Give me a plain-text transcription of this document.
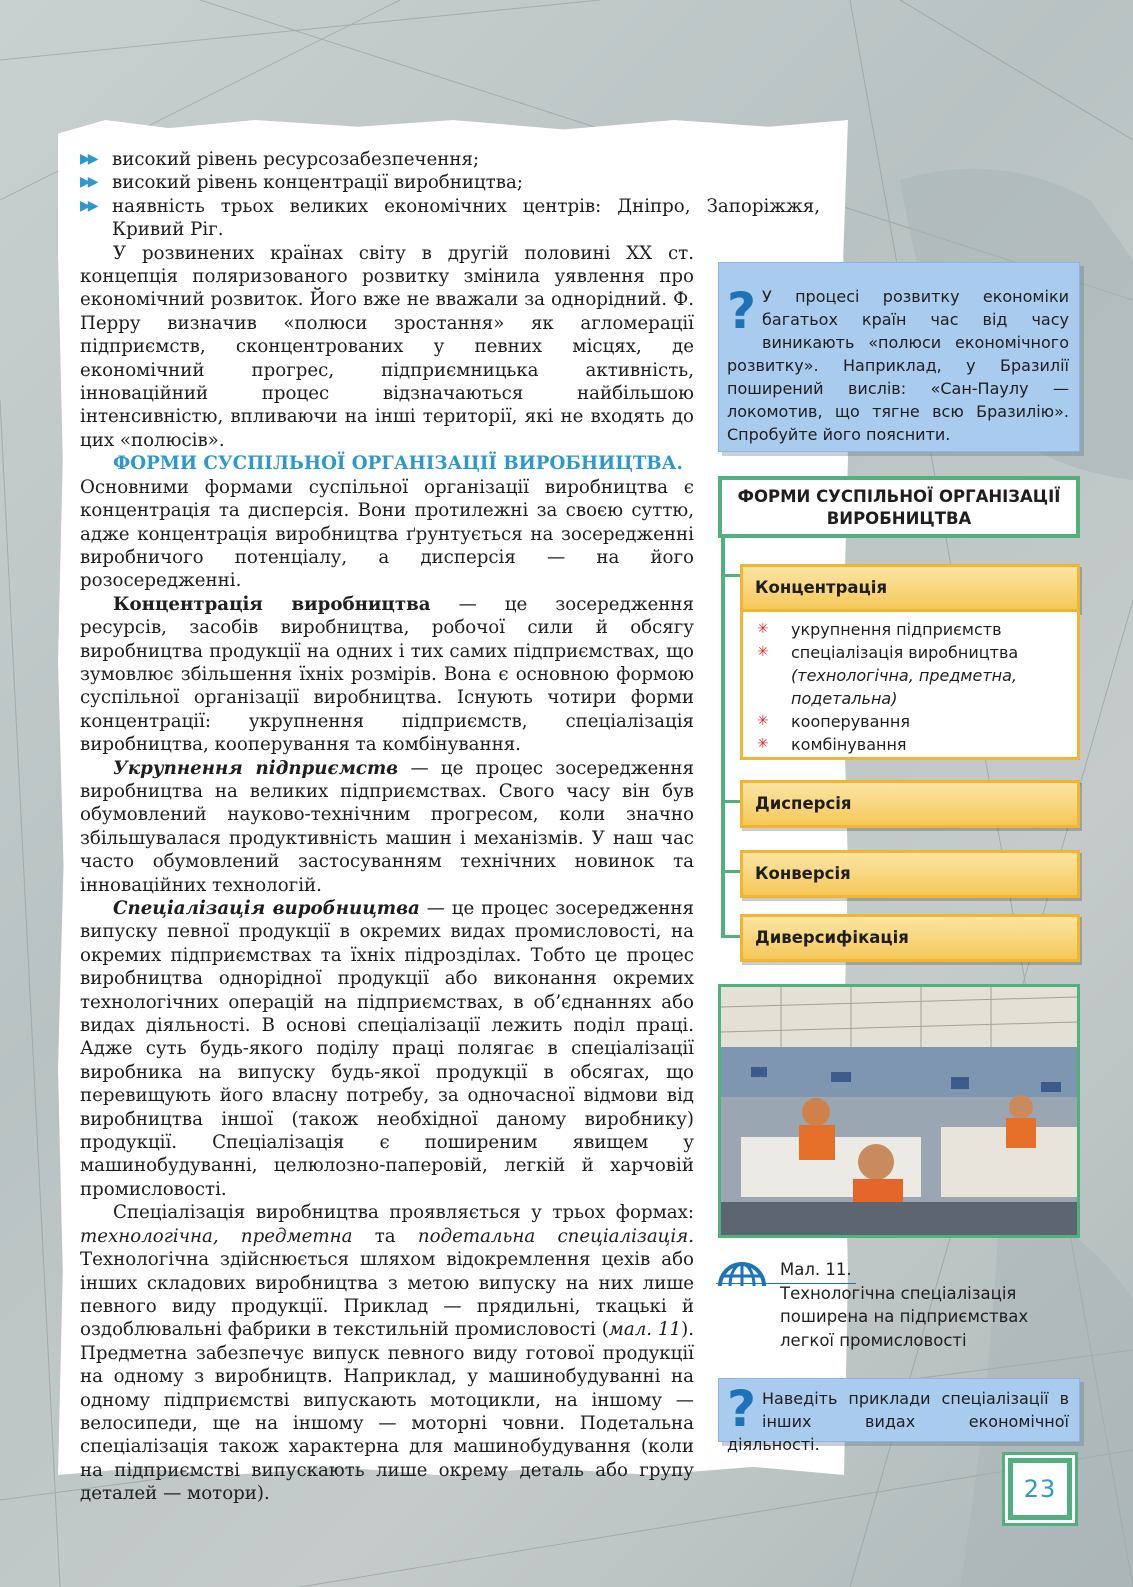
▶▶ високий рівень ресурсозабезпечення;
▶▶ високий рівень концентрації виробництва;
▶▶ наявність трьох великих економічних центрів: Дніпро, Запоріжжя, Кривий Ріг.

У розвинених країнах світу в другій половині XX ст. концепція поляризованого розвитку змінила уявлення про економічний розвиток. Його вже не вважали за однорідний. Ф. Перру визначив «полюси зростання» як агломерації підприємств, сконцентрованих у певних місцях, де економічний прогрес, підприємницька активність, інноваційний процес відзначаються найбільшою інтенсивністю, впливаючи на інші території, які не входять до цих «полюсів».

ФОРМИ СУСПІЛЬНОЇ ОРГАНІЗАЦІЇ ВИРОБНИЦТВА.

Основними формами суспільної організації виробництва є концентрація та дисперсія. Вони протилежні за своєю суттю, адже концентрація виробництва ґрунтується на зосередженні виробничого потенціалу, а дисперсія — на його розосередженні.

Концентрація виробництва — це зосередження ресурсів, засобів виробництва, робочої сили й обсягу виробництва продукції на одних і тих самих підприємствах, що зумовлює збільшення їхніх розмірів. Вона є основною формою суспільної організації виробництва. Існують чотири форми концентрації: укрупнення підприємств, спеціалізація виробництва, кооперування та комбінування.

Укрупнення підприємств — це процес зосередження виробництва на великих підприємствах. Свого часу він був обумовлений науково-технічним прогресом, коли значно збільшувалася продуктивність машин і механізмів. У наш час часто обумовлений застосуванням технічних новинок та інноваційних технологій.

Спеціалізація виробництва — це процес зосередження випуску певної продукції в окремих видах промисловості, на окремих підприємствах та їхніх підрозділах. Тобто це процес виробництва однорідної продукції або виконання окремих технологічних операцій на підприємствах, в об’єднаннях або видах діяльності. В основі спеціалізації лежить поділ праці. Адже суть будь-якого поділу праці полягає в спеціалізації виробника на випуску будь-якої продукції в обсягах, що перевищують його власну потребу, за одночасної відмови від виробництва іншої (також необхідної даному виробнику) продукції. Спеціалізація є поширеним явищем у машинобудуванні, целюлозно-паперовій, легкій й харчовій промисловості.

Спеціалізація виробництва проявляється у трьох формах: технологічна, предметна та подетальна спеціалізація. Технологічна здійснюється шляхом відокремлення цехів або інших складових виробництва з метою випуску на них лише певного виду продукції. Приклад — прядильні, ткацькі й оздоблювальні фабрики в текстильній промисловості (мал. 11). Предметна забезпечує випуск певного виду готової продукції на одному з виробництв. Наприклад, у машинобудуванні на одному підприємстві випускають мотоцикли, на іншому — велосипеди, ще на іншому — моторні човни. Подетальна спеціалізація також характерна для машинобудування (коли на підприємстві випускають лише окрему деталь або групу деталей — мотори).

? У процесі розвитку економіки багатьох країн час від часу виникають «полюси економічного розвитку». Наприклад, у Бразилії поширений вислів: «Сан-Паулу — локомотив, що тягне всю Бразилію». Спробуйте його пояснити.
ФОРМИ СУСПІЛЬНОЇ ОРГАНІЗАЦІЇ ВИРОБНИЦТВА
Концентрація
✳	укрупнення підприємств
✳	спеціалізація виробництва
(технологічна, предметна, подетальна)
✳	кооперування
✳	комбінування
Дисперсія
Конверсія
Диверсифікація
Мал. 11.
Технологічна спеціалізація поширена на підприємствах легкої промисловості
? Наведіть приклади спеціалізації в інших видах економічної діяльності.
23
